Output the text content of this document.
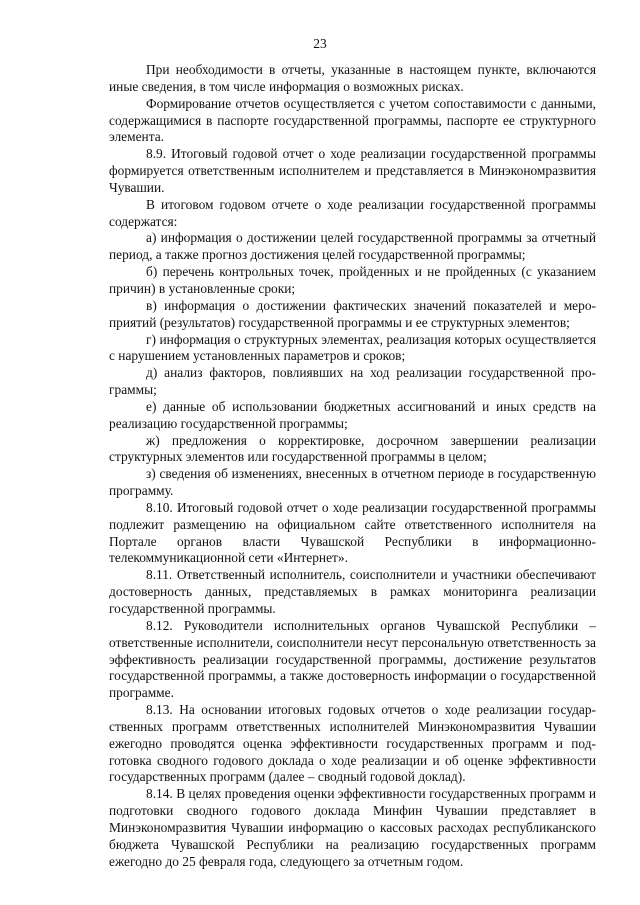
23

При необходимости в отчеты, указанные в настоящем пункте, включаются иные сведения, в том числе информация о возможных рисках.

Формирование отчетов осуществляется с учетом сопоставимости с данными, содержащимися в паспорте государственной программы, паспорте ее структурного элемента.

8.9. Итоговый годовой отчет о ходе реализации государственной программы формируется ответственным исполнителем и представляется в Минэкономразвития Чувашии.

В итоговом годовом отчете о ходе реализации государственной программы содержатся:

а) информация о достижении целей государственной программы за отчетный период, а также прогноз достижения целей государственной программы;

б) перечень контрольных точек, пройденных и не пройденных (с указанием причин) в установленные сроки;

в) информация о достижении фактических значений показателей и мероприятий (результатов) государственной программы и ее структурных элементов;

г) информация о структурных элементах, реализация которых осуществляется с нарушением установленных параметров и сроков;

д) анализ факторов, повлиявших на ход реализации государственной программы;

е) данные об использовании бюджетных ассигнований и иных средств на реализацию государственной программы;

ж) предложения о корректировке, досрочном завершении реализации структурных элементов или государственной программы в целом;

з) сведения об изменениях, внесенных в отчетном периоде в государственную программу.

8.10. Итоговый годовой отчет о ходе реализации государственной программы подлежит размещению на официальном сайте ответственного исполнителя на Портале органов власти Чувашской Республики в информационно-телекоммуникационной сети «Интернет».

8.11. Ответственный исполнитель, соисполнители и участники обеспечивают достоверность данных, представляемых в рамках мониторинга реализации государственной программы.

8.12. Руководители исполнительных органов Чувашской Республики – ответственные исполнители, соисполнители несут персональную ответственность за эффективность реализации государственной программы, достижение результатов государственной программы, а также достоверность информации о государственной программе.

8.13. На основании итоговых годовых отчетов о ходе реализации государственных программ ответственных исполнителей Минэкономразвития Чувашии ежегодно проводятся оценка эффективности государственных программ и подготовка сводного годового доклада о ходе реализации и об оценке эффективности государственных программ (далее – сводный годовой доклад).

8.14. В целях проведения оценки эффективности государственных программ и подготовки сводного годового доклада Минфин Чувашии представляет в Минэкономразвития Чувашии информацию о кассовых расходах республиканского бюджета Чувашской Республики на реализацию государственных программ ежегодно до 25 февраля года, следующего за отчетным годом.
